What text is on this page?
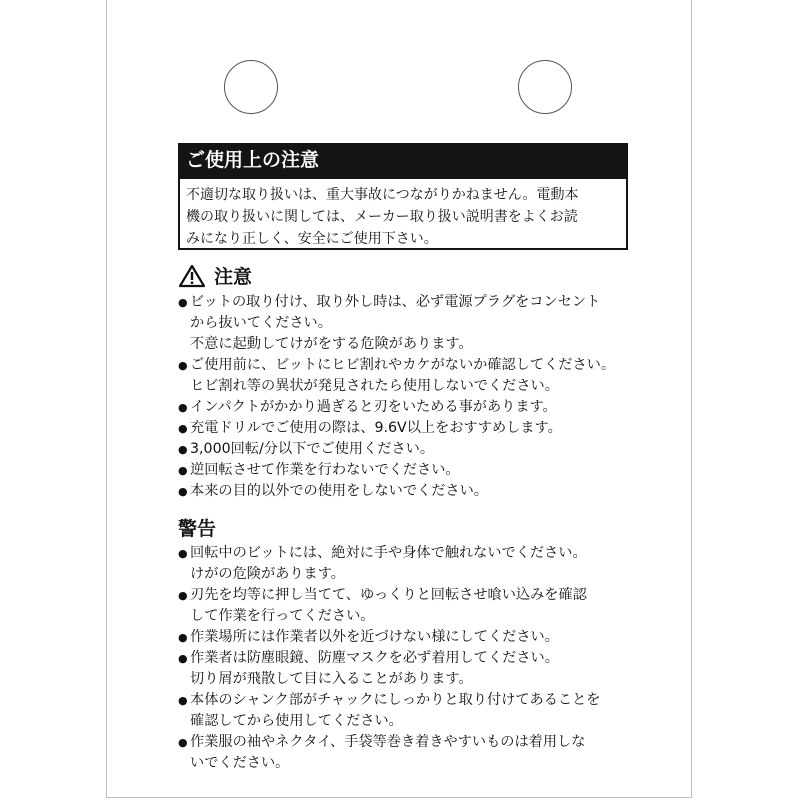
ご使用上の注意
不適切な取り扱いは、重大事故につながりかねません。電動本
機の取り扱いに関しては、メーカー取り扱い説明書をよくお読
みになり正しく、安全にご使用下さい。
注意
● ビットの取り付け、取り外し時は、必ず電源プラグをコンセント
から抜いてください。
不意に起動してけがをする危険があります。
● ご使用前に、ビットにヒビ割れやカケがないか確認してください。
ヒビ割れ等の異状が発見されたら使用しないでください。
● インパクトがかかり過ぎると刃をいためる事があります。
● 充電ドリルでご使用の際は、9.6V以上をおすすめします。
● 3,000回転/分以下でご使用ください。
● 逆回転させて作業を行わないでください。
● 本来の目的以外での使用をしないでください。
警告
● 回転中のビットには、絶対に手や身体で触れないでください。
けがの危険があります。
● 刃先を均等に押し当てて、ゆっくりと回転させ喰い込みを確認
して作業を行ってください。
● 作業場所には作業者以外を近づけない様にしてください。
● 作業者は防塵眼鏡、防塵マスクを必ず着用してください。
切り屑が飛散して目に入ることがあります。
● 本体のシャンク部がチャックにしっかりと取り付けてあることを
確認してから使用してください。
● 作業服の袖やネクタイ、手袋等巻き着きやすいものは着用しな
いでください。
